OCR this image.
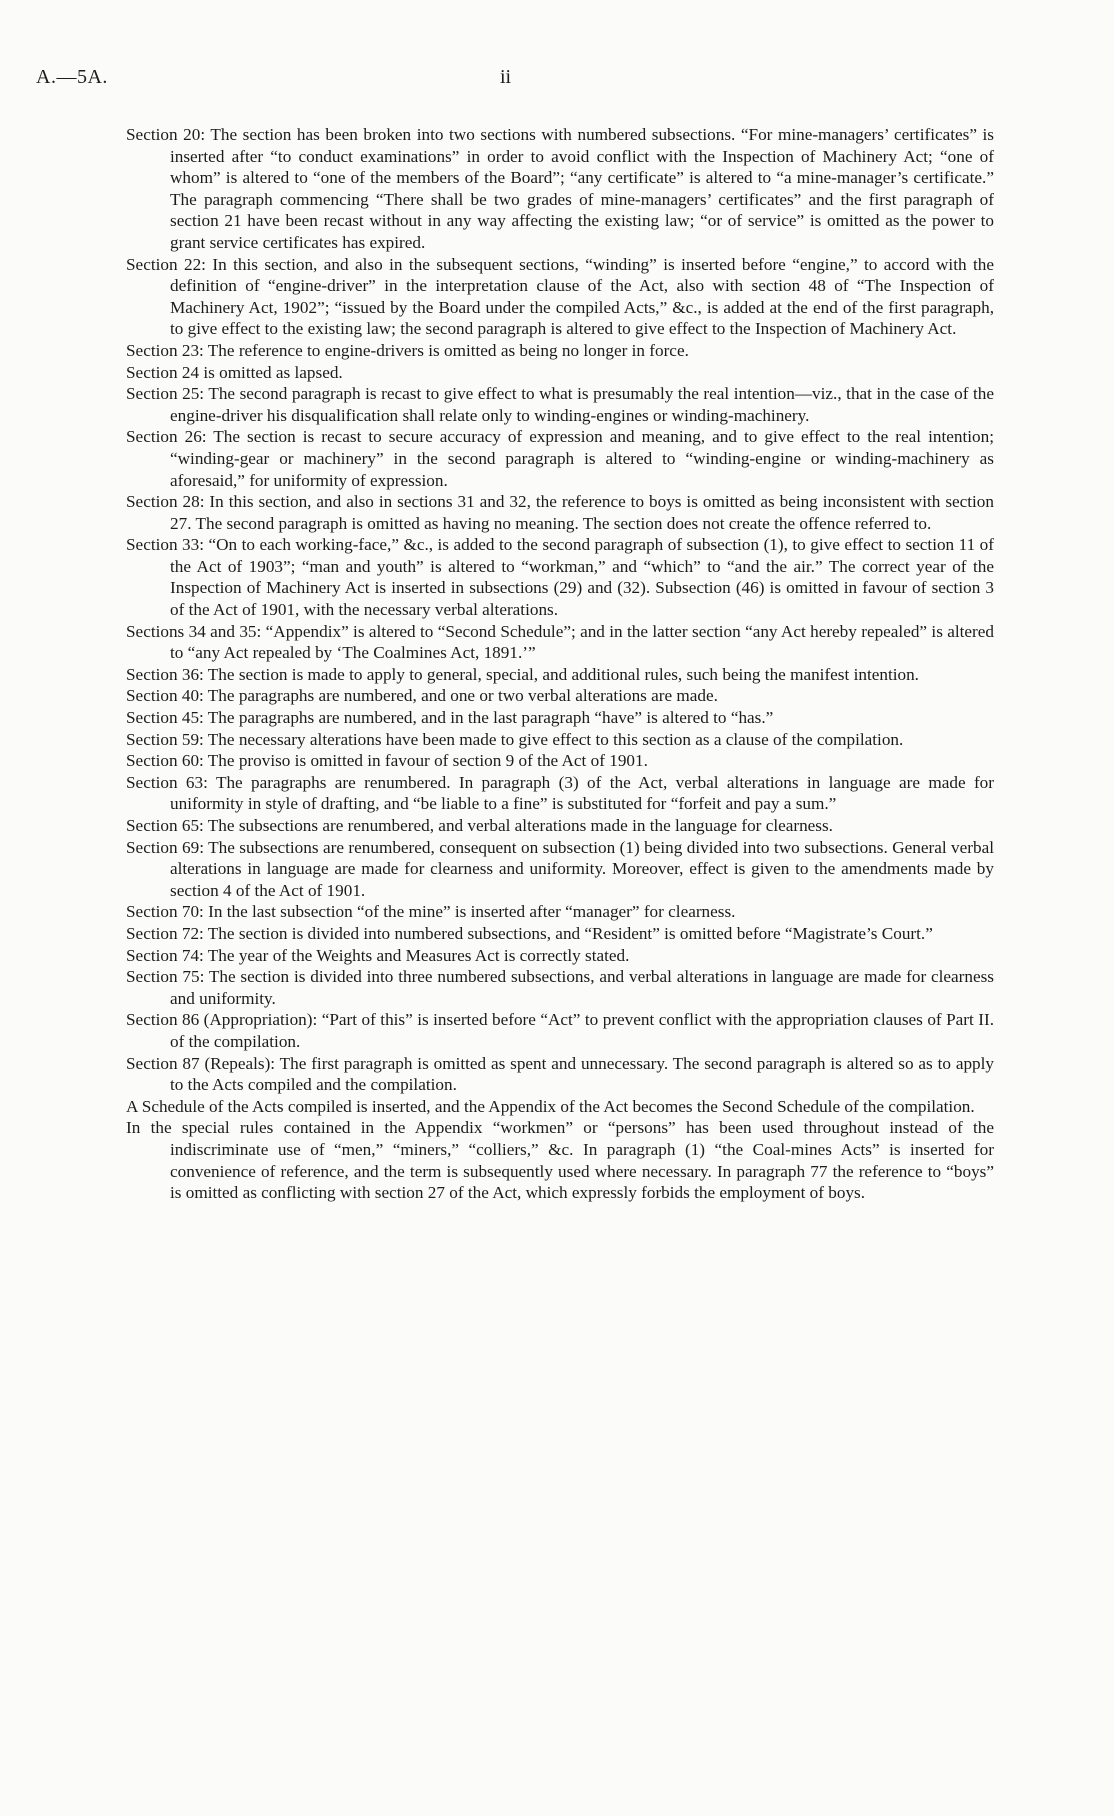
A.—5A.	ii

Section 20: The section has been broken into two sections with numbered subsections. “For mine-managers’ certificates” is inserted after “to conduct examinations” in order to avoid conflict with the Inspection of Machinery Act; “one of whom” is altered to “one of the members of the Board”; “any certificate” is altered to “a mine-manager’s certificate.” The paragraph commencing “There shall be two grades of mine-managers’ certificates” and the first paragraph of section 21 have been recast without in any way affecting the existing law; “or of service” is omitted as the power to grant service certificates has expired.

Section 22: In this section, and also in the subsequent sections, “winding” is inserted before “engine,” to accord with the definition of “engine-driver” in the interpretation clause of the Act, also with section 48 of “The Inspection of Machinery Act, 1902”; “issued by the Board under the compiled Acts,” &c., is added at the end of the first paragraph, to give effect to the existing law; the second paragraph is altered to give effect to the Inspection of Machinery Act.

Section 23: The reference to engine-drivers is omitted as being no longer in force.

Section 24 is omitted as lapsed.

Section 25: The second paragraph is recast to give effect to what is presumably the real intention—viz., that in the case of the engine-driver his disqualification shall relate only to winding-engines or winding-machinery.

Section 26: The section is recast to secure accuracy of expression and meaning, and to give effect to the real intention; “winding-gear or machinery” in the second paragraph is altered to “winding-engine or winding-machinery as aforesaid,” for uniformity of expression.

Section 28: In this section, and also in sections 31 and 32, the reference to boys is omitted as being inconsistent with section 27. The second paragraph is omitted as having no meaning. The section does not create the offence referred to.

Section 33: “On to each working-face,” &c., is added to the second paragraph of subsection (1), to give effect to section 11 of the Act of 1903”; “man and youth” is altered to “workman,” and “which” to “and the air.” The correct year of the Inspection of Machinery Act is inserted in subsections (29) and (32). Subsection (46) is omitted in favour of section 3 of the Act of 1901, with the necessary verbal alterations.

Sections 34 and 35: “Appendix” is altered to “Second Schedule”; and in the latter section “any Act hereby repealed” is altered to “any Act repealed by ‘The Coalmines Act, 1891.’”

Section 36: The section is made to apply to general, special, and additional rules, such being the manifest intention.

Section 40: The paragraphs are numbered, and one or two verbal alterations are made.

Section 45: The paragraphs are numbered, and in the last paragraph “have” is altered to “has.”

Section 59: The necessary alterations have been made to give effect to this section as a clause of the compilation.

Section 60: The proviso is omitted in favour of section 9 of the Act of 1901.

Section 63: The paragraphs are renumbered. In paragraph (3) of the Act, verbal alterations in language are made for uniformity in style of drafting, and “be liable to a fine” is substituted for “forfeit and pay a sum.”

Section 65: The subsections are renumbered, and verbal alterations made in the language for clearness.

Section 69: The subsections are renumbered, consequent on subsection (1) being divided into two subsections. General verbal alterations in language are made for clearness and uniformity. Moreover, effect is given to the amendments made by section 4 of the Act of 1901.

Section 70: In the last subsection “of the mine” is inserted after “manager” for clearness.

Section 72: The section is divided into numbered subsections, and “Resident” is omitted before “Magistrate’s Court.”

Section 74: The year of the Weights and Measures Act is correctly stated.

Section 75: The section is divided into three numbered subsections, and verbal alterations in language are made for clearness and uniformity.

Section 86 (Appropriation): “Part of this” is inserted before “Act” to prevent conflict with the appropriation clauses of Part II. of the compilation.

Section 87 (Repeals): The first paragraph is omitted as spent and unnecessary. The second paragraph is altered so as to apply to the Acts compiled and the compilation.

A Schedule of the Acts compiled is inserted, and the Appendix of the Act becomes the Second Schedule of the compilation.

In the special rules contained in the Appendix “workmen” or “persons” has been used throughout instead of the indiscriminate use of “men,” “miners,” “colliers,” &c. In paragraph (1) “the Coal-mines Acts” is inserted for convenience of reference, and the term is subsequently used where necessary. In paragraph 77 the reference to “boys” is omitted as conflicting with section 27 of the Act, which expressly forbids the employment of boys.
